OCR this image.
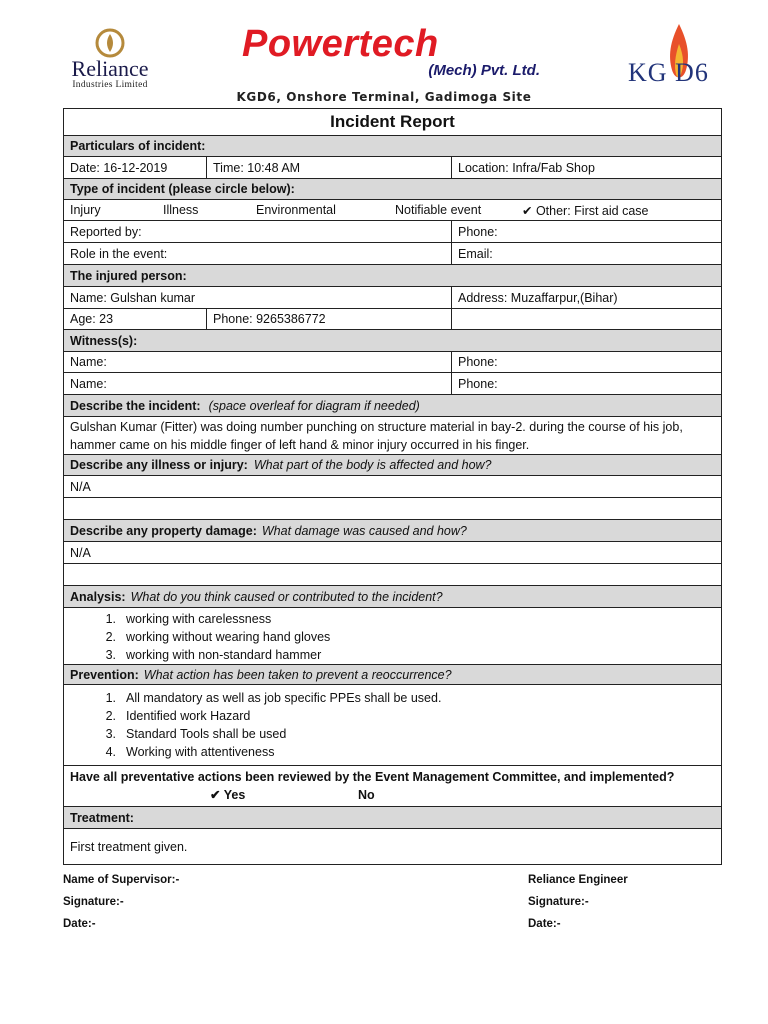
Reliance
Industries Limited
Powertech
(Mech) Pvt. Ltd.	KG D6
KGD6, Onshore Terminal, Gadimoga Site
Incident Report
Particulars of incident:
Date: 16-12-2019	Time: 10:48 AM	Location: Infra/Fab Shop
Type of incident (please circle below):
Injury	Illness	Environmental	Notifiable event	✔ Other: First aid case
Reported by:	Phone:
Role in the event:	Email:
The injured person:
Name: Gulshan kumar	Address: Muzaffarpur,(Bihar)
Age: 23	Phone: 9265386772
Witness(s):
Name:	Phone:
Name:	Phone:
Describe the incident: (space overleaf for diagram if needed)
Gulshan Kumar (Fitter) was doing number punching on structure material in bay-2. during the course of his job,
hammer came on his middle finger of left hand & minor injury occurred in his finger.
Describe any illness or injury: What part of the body is affected and how?
N/A
Describe any property damage: What damage was caused and how?
N/A
Analysis: What do you think caused or contributed to the incident?
1. working with carelessness
2. working without wearing hand gloves
3. working with non-standard hammer
Prevention: What action has been taken to prevent a reoccurrence?
1. All mandatory as well as job specific PPEs shall be used.
2. Identified work Hazard
3. Standard Tools shall be used
4. Working with attentiveness
Have all preventative actions been reviewed by the Event Management Committee, and implemented?
✔ Yes	No
Treatment:
First treatment given.
Name of Supervisor:-
Signature:-
Date:-
Reliance Engineer
Signature:-
Date:-
